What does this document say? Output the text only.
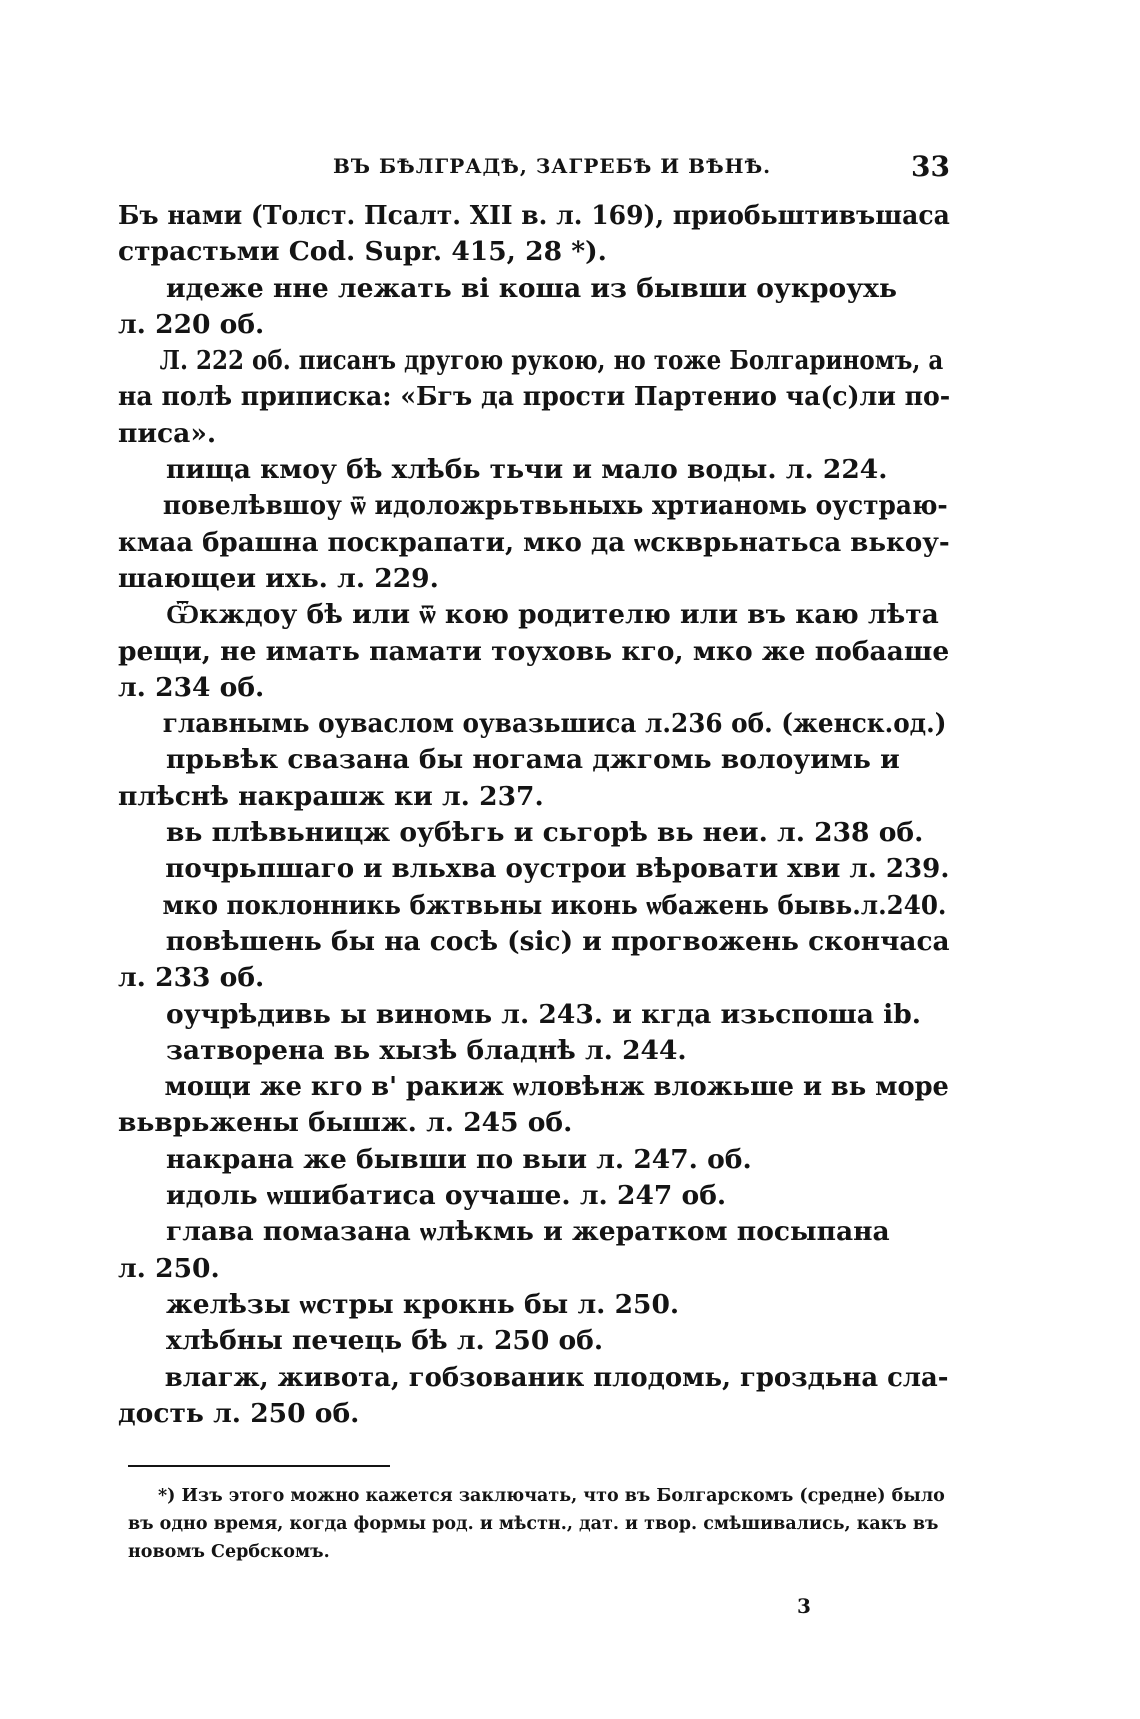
ВЪ БѢЛГРАДѢ, ЗАГРЕБѢ И ВѢНѢ.	33
Бъ нами (Толст. Псалт. XII в. л. 169), приобьштивъшаса
страстьми Cod. Supr. 415, 28 *).
идеже нне лежать ві коша из бывши оукроухь
л. 220 об.
Л. 222 об. писанъ другою рукою, но тоже Болгариномъ, а
на полѣ приписка: «Бгъ да прости Партенио ча(с)ли по-
писа».
пища кмоу бѣ хлѣбь тьчи и мало воды. л. 224.
повелѣвшоу ѿ идоложрьтвьныхь хртианомь оустраю-
кмаа брашна поскрапати, мко да ѡскврьнатьса вькоу-
шающеи ихь. л. 229.
Ѿкждоу бѣ или ѿ кою родителю или въ каю лѣта
рещи, не имать памати тоуховь кго, мко же побааше
л. 234 об.
главнымь оуваслом оувазьшиса л.236 об. (женск.од.)
прьвѣк свазана бы ногама джгомь волоуимь и
плѣснѣ накрашж ки л. 237.
вь плѣвьницж оубѣгь и сьгорѣ вь неи. л. 238 об.
почрьпшаго и вльхва оустрои вѣровати хви л. 239.
мко поклонникь бжтвьны иконь ѡбажень бывь.л.240.
повѣшень бы на сосѣ (sic) и прогвожень скончаса
л. 233 об.
оучрѣдивь ы виномь л. 243. и кгда изьспоша ib.
затворена вь хызѣ бладнѣ л. 244.
мощи же кго в' ракиж ѡловѣнж вложьше и вь море
вьврьжены бышж. л. 245 об.
накрана же бывши по выи л. 247. об.
идоль ѡшибатиса оучаше. л. 247 об.
глава помазана ѡлѣкмь и жератком посыпана
л. 250.
желѣзы ѡстры крокнь бы л. 250.
хлѣбны печець бѣ л. 250 об.
влагж, живота, гобзованик плодомь, гроздьна сла-
дость л. 250 об.
*) Изъ этого можно кажется заключать, что въ Болгарскомъ (средне) было
въ одно время, когда формы род. и мѣстн., дат. и твор. смѣшивались, какъ въ
новомъ Сербскомъ.
3
